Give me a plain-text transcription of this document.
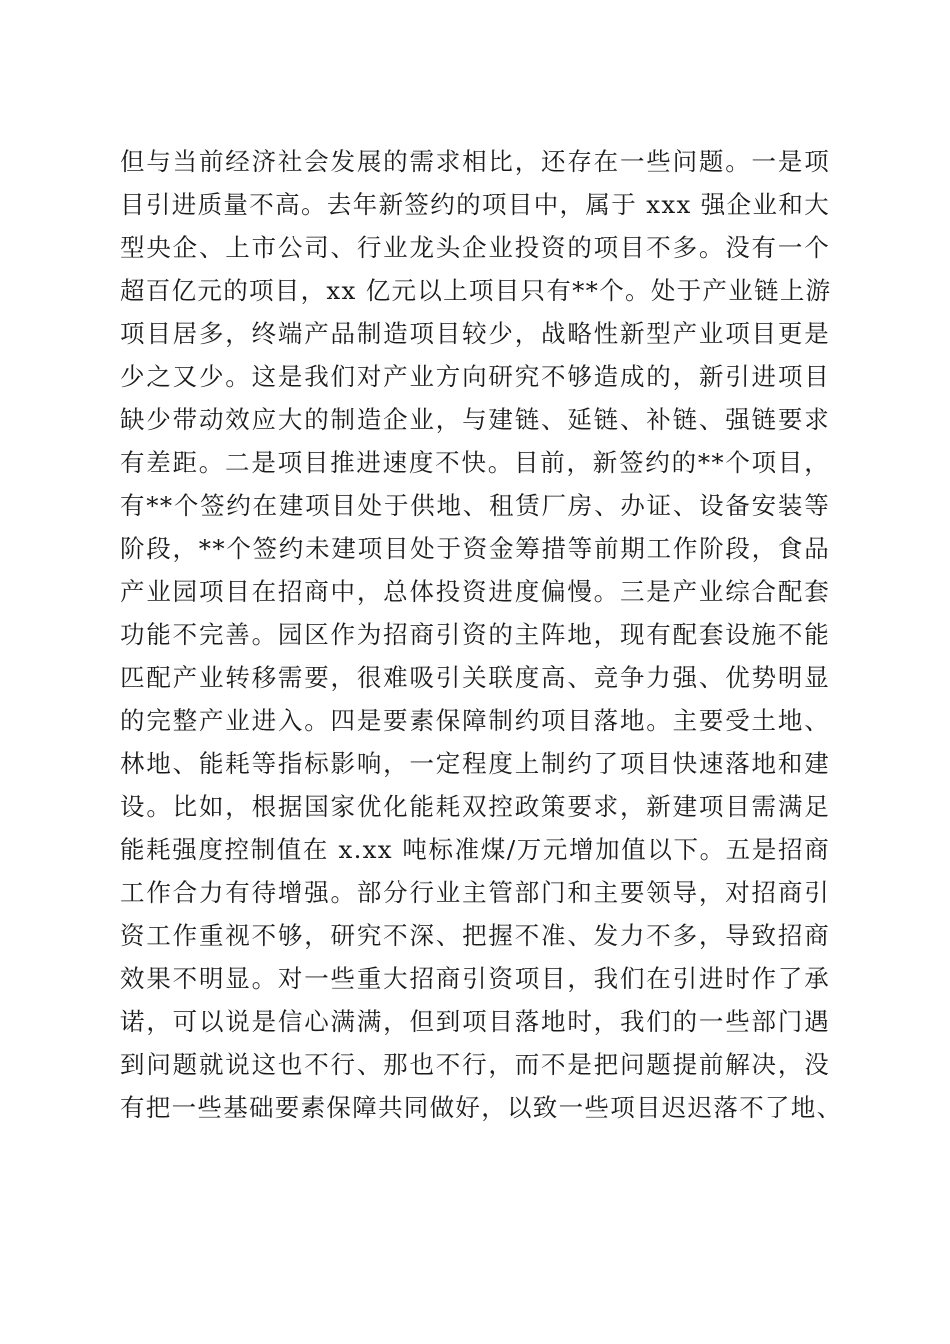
但与当前经济社会发展的需求相比，还存在一些问题。一是项
目引进质量不高。去年新签约的项目中，属于 xxx 强企业和大
型央企、上市公司、行业龙头企业投资的项目不多。没有一个
超百亿元的项目，xx 亿元以上项目只有**个。处于产业链上游
项目居多，终端产品制造项目较少，战略性新型产业项目更是
少之又少。这是我们对产业方向研究不够造成的，新引进项目
缺少带动效应大的制造企业，与建链、延链、补链、强链要求
有差距。二是项目推进速度不快。目前，新签约的**个项目，
有**个签约在建项目处于供地、租赁厂房、办证、设备安装等
阶段，**个签约未建项目处于资金筹措等前期工作阶段，食品
产业园项目在招商中，总体投资进度偏慢。三是产业综合配套
功能不完善。园区作为招商引资的主阵地，现有配套设施不能
匹配产业转移需要，很难吸引关联度高、竞争力强、优势明显
的完整产业进入。四是要素保障制约项目落地。主要受土地、
林地、能耗等指标影响，一定程度上制约了项目快速落地和建
设。比如，根据国家优化能耗双控政策要求，新建项目需满足
能耗强度控制值在 x.xx 吨标准煤/万元增加值以下。五是招商
工作合力有待增强。部分行业主管部门和主要领导，对招商引
资工作重视不够，研究不深、把握不准、发力不多，导致招商
效果不明显。对一些重大招商引资项目，我们在引进时作了承
诺，可以说是信心满满，但到项目落地时，我们的一些部门遇
到问题就说这也不行、那也不行，而不是把问题提前解决，没
有把一些基础要素保障共同做好，以致一些项目迟迟落不了地、
